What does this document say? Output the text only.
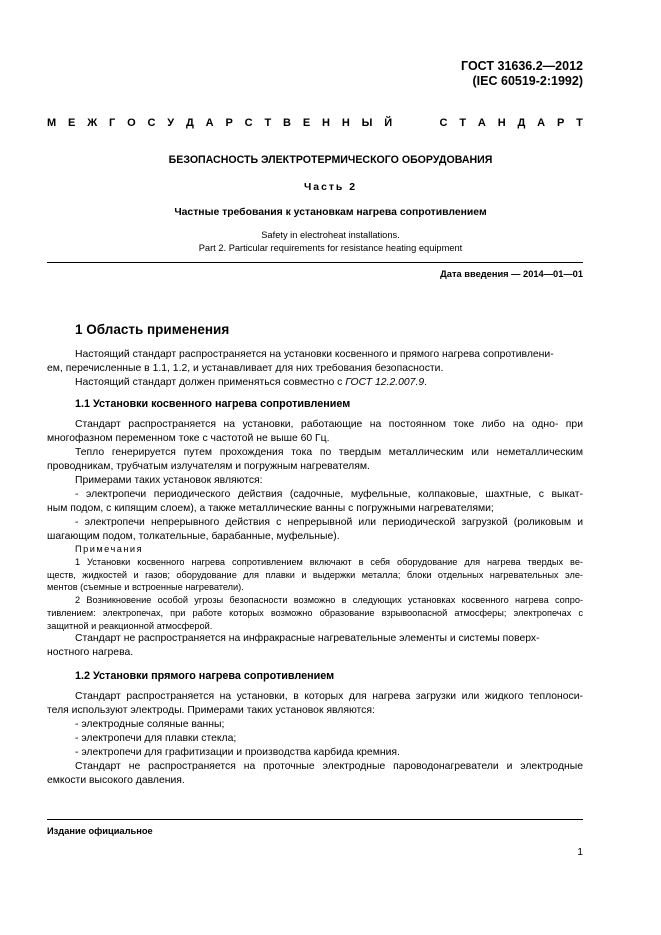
ГОСТ 31636.2—2012
(IEC 60519-2:1992)
М Е Ж Г О С У Д А Р С Т В Е Н Н Ы Й	С Т А Н Д А Р Т
БЕЗОПАСНОСТЬ ЭЛЕКТРОТЕРМИЧЕСКОГО ОБОРУДОВАНИЯ
Часть 2
Частные требования к установкам нагрева сопротивлением
Safety in electroheat installations.
Part 2. Particular requirements for resistance heating equipment
Дата введения — 2014—01—01
1 Область применения

Настоящий стандарт распространяется на установки косвенного и прямого нагрева сопротивлени-

ем, перечисленные в 1.1, 1.2, и устанавливает для них требования безопасности.

Настоящий стандарт должен применяться совместно с ГОСТ 12.2.007.9.

1.1 Установки косвенного нагрева сопротивлением

Стандарт распространяется на установки, работающие на постоянном токе либо на одно- при

многофазном переменном токе с частотой не выше 60 Гц.

Тепло генерируется путем прохождения тока по твердым металлическим или неметаллическим

проводникам, трубчатым излучателям и погружным нагревателям.

Примерами таких установок являются:

- электропечи периодического действия (садочные, муфельные, колпаковые, шахтные, с выкат-

ным подом, с кипящим слоем), а также металлические ванны с погружными нагревателями;

- электропечи непрерывного действия с непрерывной или периодической загрузкой (роликовым и

шагающим подом, толкательные, барабанные, муфельные).

Примечания

1 Установки косвенного нагрева сопротивлением включают в себя оборудование для нагрева твердых ве-

ществ, жидкостей и газов; оборудование для плавки и выдержки металла; блоки отдельных нагревательных эле-

ментов (съемные и встроенные нагреватели).

2 Возникновение особой угрозы безопасности возможно в следующих установках косвенного нагрева сопро-

тивлением: электропечах, при работе которых возможно образование взрывоопасной атмосферы; электропечах с

защитной и реакционной атмосферой.

Стандарт не распространяется на инфракрасные нагревательные элементы и системы поверх-

ностного нагрева.

1.2 Установки прямого нагрева сопротивлением

Стандарт распространяется на установки, в которых для нагрева загрузки или жидкого теплоноси-

теля используют электроды. Примерами таких установок являются:

- электродные соляные ванны;

- электропечи для плавки стекла;

- электропечи для графитизации и производства карбида кремния.

Стандарт не распространяется на проточные электродные пароводонагреватели и электродные

емкости высокого давления.

Издание официальное
1
